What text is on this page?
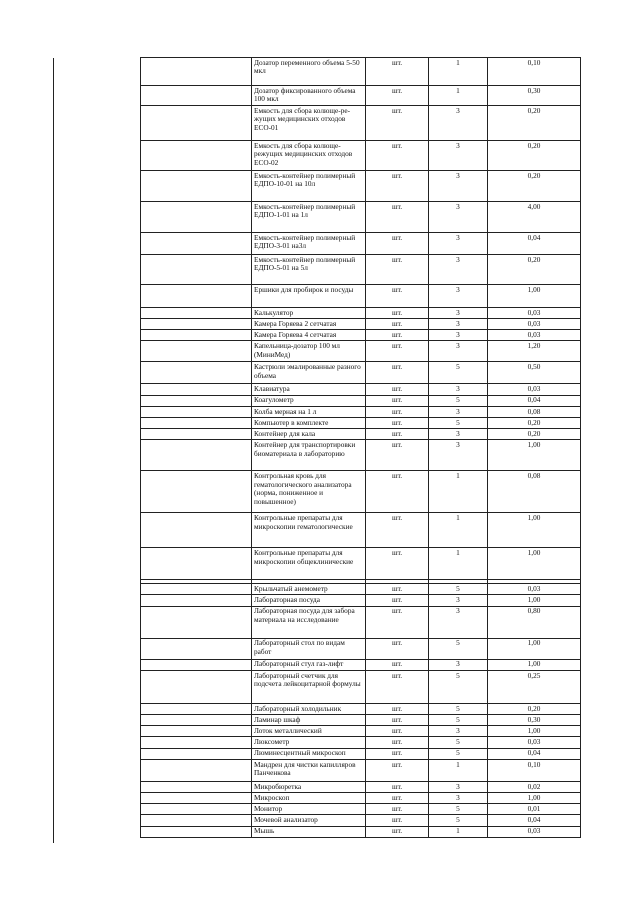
	Дозатор переменного объема 5-50 мкл	шт.	1	0,10
	Дозатор фиксированного объема 100 мкл	шт.	1	0,30
	Емкость для сбора колюще-ре-жущих медицинских отходов ЕСО-01	шт.	3	0,20
	Емкость для сбора колюще-режущих медицинских отходов ЕСО-02	шт.	3	0,20
	Емкость-контейнер полимерный ЕДПО-10-01 на 10л	шт.	3	0,20
	Емкость-контейнер полимерный ЕДПО-1-01 на 1л	шт.	3	4,00
	Емкость-контейнер полимерный ЕДПО-3-01 на3л	шт.	3	0,04
	Емкость-контейнер полимерный ЕДПО-5-01 на 5л	шт.	3	0,20
	Ершики для пробирок и посуды	шт.	3	1,00
	Калькулятор	шт.	3	0,03
	Камера Горяева 2 сетчатая	шт.	3	0,03
	Камера Горяева 4 сетчатая	шт.	3	0,03
	Капельница-дозатор 100 мл (МиниМед)	шт.	3	1,20
	Кастрюли эмалированные разного объема	шт.	5	0,50
	Клавиатура	шт.	3	0,03
	Коагулометр	шт.	5	0,04
	Колба мерная на 1 л	шт.	3	0,08
	Компьютер в комплекте	шт.	5	0,20
	Контейнер для кала	шт.	3	0,20
	Контейнер для транспортировки биоматериала в лабораторию	шт.	3	1,00
	Контрольная кровь для гематологического анализатора (норма, пониженное и повышенное)	шт.	1	0,08
	Контрольные препараты для микроскопии гематологические	шт.	1	1,00
	Контрольные препараты для микроскопии общеклинические	шт.	1	1,00

	Крыльчатый анемометр	шт.	5	0,03
	Лабораторная посуда	шт.	3	1,00
	Лабораторная посуда для забора материала на исследование	шт.	3	0,80
	Лабораторный стол по видам работ	шт.	5	1,00
	Лабораторный стул газ-лифт	шт.	3	1,00
	Лабораторный счетчик для подсчета лейкоцитарной формулы	шт.	5	0,25
	Лабораторный холодильник	шт.	5	0,20
	Ламинар шкаф	шт.	5	0,30
	Лоток металлический	шт.	3	1,00
	Люксометр	шт.	5	0,03
	Люминесцентный микроскоп	шт.	5	0,04
	Мандрен для чистки капилляров Панченкова	шт.	1	0,10
	Микробюретка	шт.	3	0,02
	Микроскоп	шт.	3	1,00
	Монитор	шт.	5	0,01
	Мочевой анализатор	шт.	5	0,04
	Мышь	шт.	1	0,03
